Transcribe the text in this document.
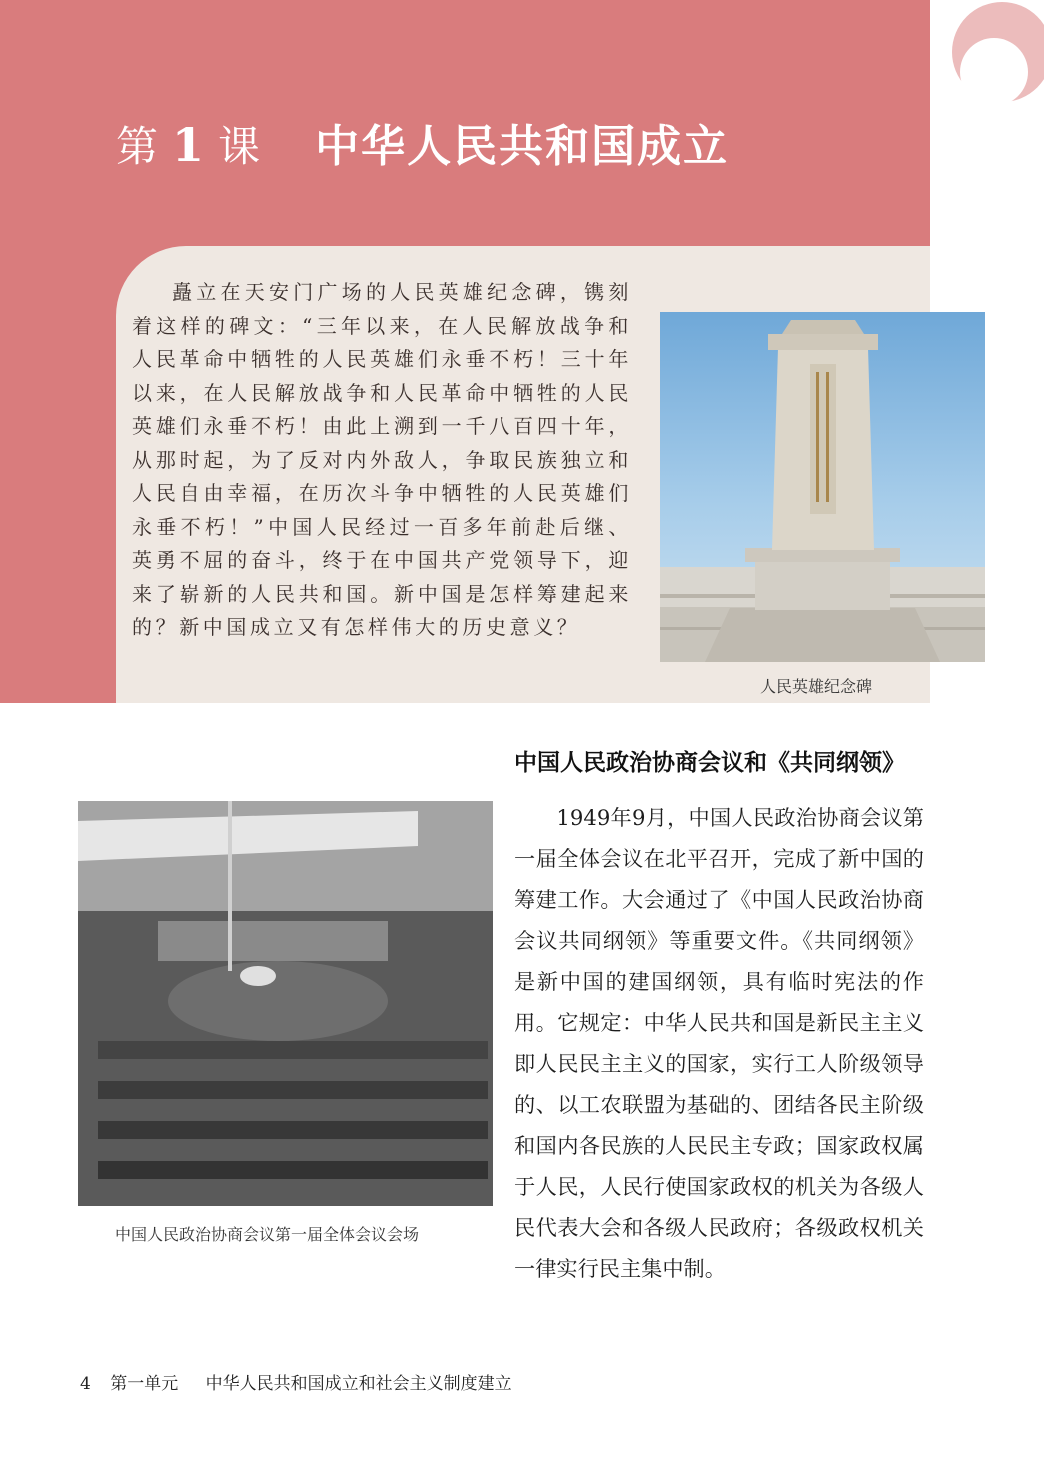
第 1 课 中华人民共和国成立

矗立在天安门广场的人民英雄纪念碑，镌刻着这样的碑文：“三年以来，在人民解放战争和人民革命中牺牲的人民英雄们永垂不朽！三十年以来，在人民解放战争和人民革命中牺牲的人民英雄们永垂不朽！由此上溯到一千八百四十年，从那时起，为了反对内外敌人，争取民族独立和人民自由幸福，在历次斗争中牺牲的人民英雄们永垂不朽！”中国人民经过一百多年前赴后继、英勇不屈的奋斗，终于在中国共产党领导下，迎来了崭新的人民共和国。新中国是怎样筹建起来的？新中国成立又有怎样伟大的历史意义？

人民英雄纪念碑
中国人民政治协商会议和《共同纲领》
中国人民政治协商会议第一届全体会议会场

1949年9月，中国人民政治协商会议第一届全体会议在北平召开，完成了新中国的筹建工作。大会通过了《中国人民政治协商会议共同纲领》等重要文件。《共同纲领》是新中国的建国纲领，具有临时宪法的作用。它规定：中华人民共和国是新民主主义即人民民主主义的国家，实行工人阶级领导的、以工农联盟为基础的、团结各民主阶级和国内各民族的人民民主专政；国家政权属于人民，人民行使国家政权的机关为各级人民代表大会和各级人民政府；各级政权机关一律实行民主集中制。

4 第一单元 中华人民共和国成立和社会主义制度建立
